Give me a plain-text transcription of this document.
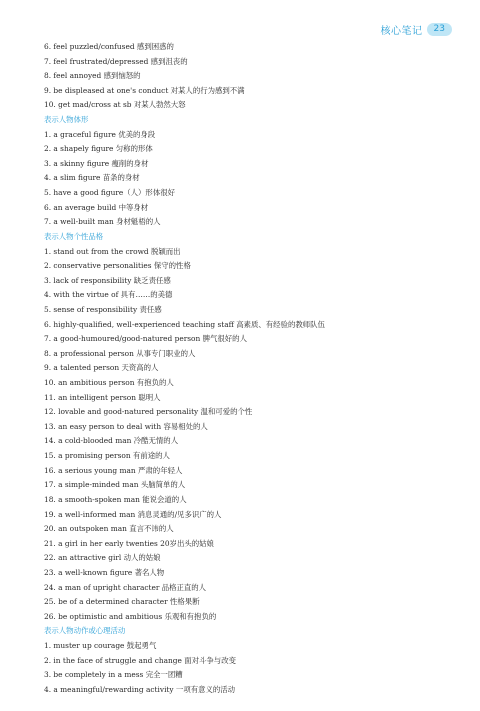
核心笔记	23
6. feel puzzled/confused 感到困惑的
7. feel frustrated/depressed 感到沮丧的
8. feel annoyed 感到恼怒的
9. be displeased at one's conduct 对某人的行为感到不满
10. get mad/cross at sb 对某人勃然大怒
表示人物体形
1. a graceful figure 优美的身段
2. a shapely figure 匀称的形体
3. a skinny figure 瘦削的身材
4. a slim figure 苗条的身材
5. have a good figure（人）形体很好
6. an average build 中等身材
7. a well-built man 身材魁梧的人
表示人物个性品格
1. stand out from the crowd 脱颖而出
2. conservative personalities 保守的性格
3. lack of responsibility 缺乏责任感
4. with the virtue of 具有……的美德
5. sense of responsibility 责任感
6. highly-qualified, well-experienced teaching staff 高素质、有经验的教师队伍
7. a good-humoured/good-natured person 脾气很好的人
8. a professional person 从事专门职业的人
9. a talented person 天资高的人
10. an ambitious person 有抱负的人
11. an intelligent person 聪明人
12. lovable and good-natured personality 温和可爱的个性
13. an easy person to deal with 容易相处的人
14. a cold-blooded man 冷酷无情的人
15. a promising person 有前途的人
16. a serious young man 严肃的年轻人
17. a simple-minded man 头脑简单的人
18. a smooth-spoken man 能说会道的人
19. a well-informed man 消息灵通的/见多识广的人
20. an outspoken man 直言不讳的人
21. a girl in her early twenties 20岁出头的姑娘
22. an attractive girl 动人的姑娘
23. a well-known figure 著名人物
24. a man of upright character 品格正直的人
25. be of a determined character 性格果断
26. be optimistic and ambitious 乐观和有抱负的
表示人物动作或心理活动
1. muster up courage 鼓起勇气
2. in the face of struggle and change 面对斗争与改变
3. be completely in a mess 完全一团糟
4. a meaningful/rewarding activity 一项有意义的活动
